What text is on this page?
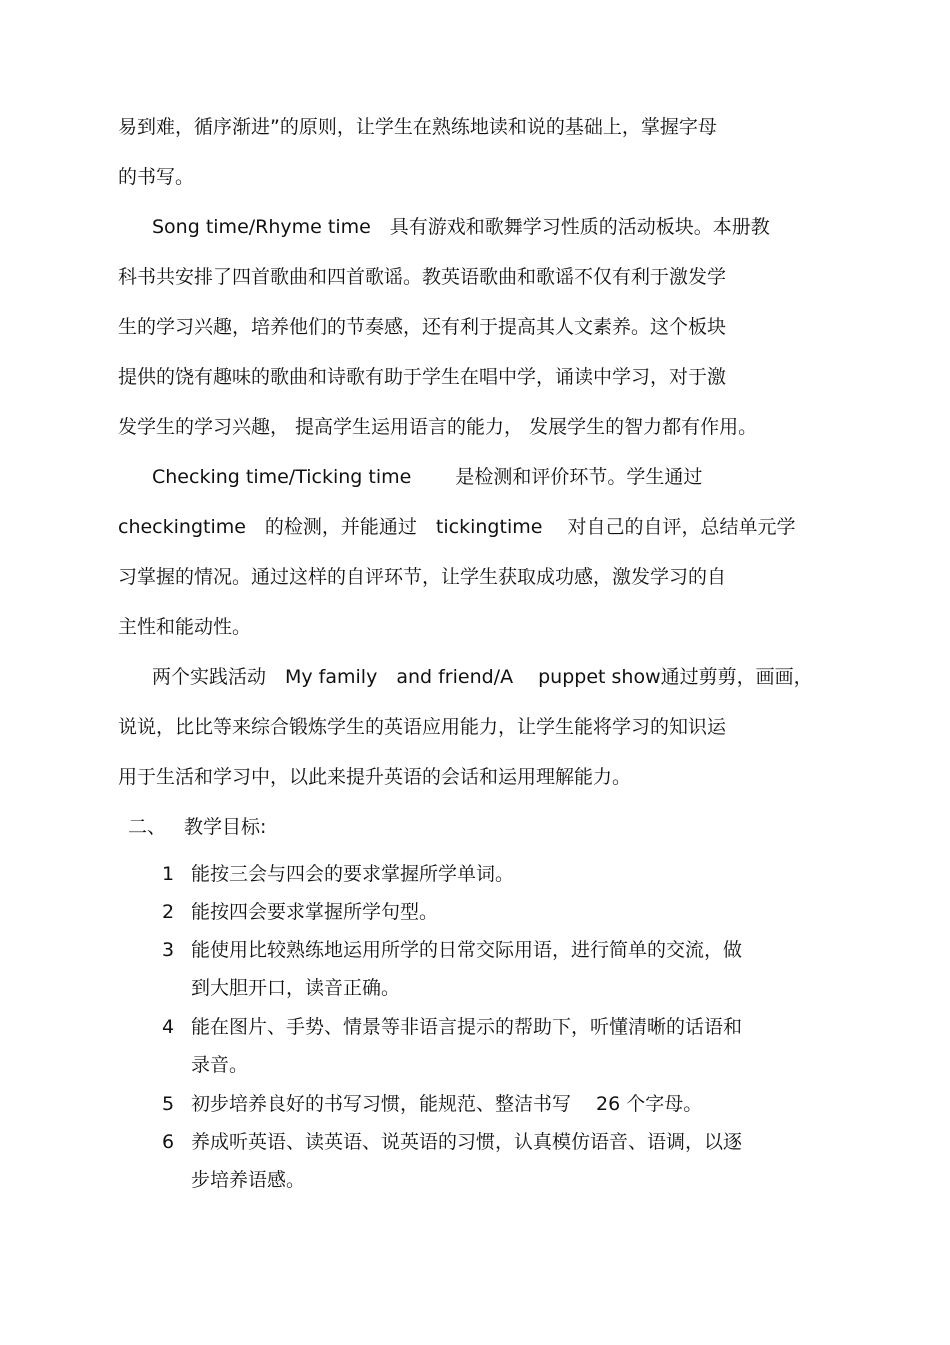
易到难，循序渐进”的原则，让学生在熟练地读和说的基础上，掌握字母
的书写。
Song time/Rhyme time　具有游戏和歌舞学习性质的活动板块。本册教
科书共安排了四首歌曲和四首歌谣。教英语歌曲和歌谣不仅有利于激发学
生的学习兴趣，培养他们的节奏感，还有利于提高其人文素养。这个板块
提供的饶有趣味的歌曲和诗歌有助于学生在唱中学，诵读中学习，对于激
发学生的学习兴趣， 提高学生运用语言的能力， 发展学生的智力都有作用。
Checking time/Ticking time　　 是检测和评价环节。学生通过
checkingtime　的检测，并能通过　tickingtime　 对自己的自评，总结单元学
习掌握的情况。通过这样的自评环节，让学生获取成功感，激发学习的自
主性和能动性。
两个实践活动　My family　and friend/A　 puppet show通过剪剪，画画，
说说，比比等来综合锻炼学生的英语应用能力，让学生能将学习的知识运
用于生活和学习中，以此来提升英语的会话和运用理解能力。
二、 教学目标:
1 能按三会与四会的要求掌握所学单词。
2 能按四会要求掌握所学句型。
3 能使用比较熟练地运用所学的日常交际用语，进行简单的交流，做
到大胆开口，读音正确。
4 能在图片、手势、情景等非语言提示的帮助下，听懂清晰的话语和
录音。
5 初步培养良好的书写习惯，能规范、整洁书写　 26 个字母。
6 养成听英语、读英语、说英语的习惯，认真模仿语音、语调，以逐
步培养语感。
